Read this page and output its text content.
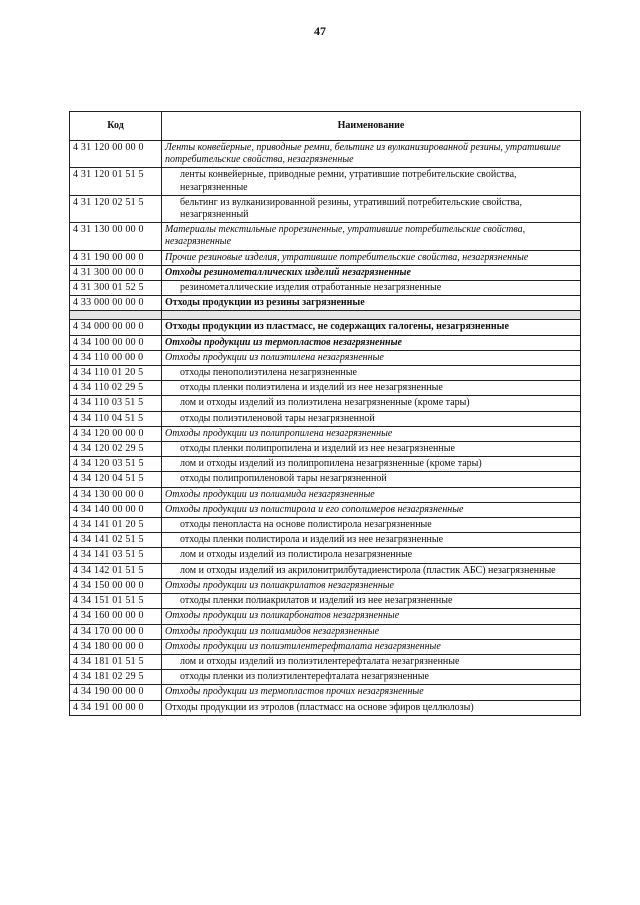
47
Код	Наименование
4 31 120 00 00 0	Ленты конвейерные, приводные ремни, бельтинг из вулканизированной резины, утратившие потребительские свойства, незагрязненные
4 31 120 01 51 5	ленты конвейерные, приводные ремни, утратившие потребительские свойства, незагрязненные
4 31 120 02 51 5	бельтинг из вулканизированной резины, утративший потребительские свойства, незагрязненный
4 31 130 00 00 0	Материалы текстильные прорезиненные, утратившие потребительские свойства, незагрязненные
4 31 190 00 00 0	Прочие резиновые изделия, утратившие потребительские свойства, незагрязненные
4 31 300 00 00 0	Отходы резинометаллических изделий незагрязненные
4 31 300 01 52 5	резинометаллические изделия отработанные незагрязненные
4 33 000 00 00 0	Отходы продукции из резины загрязненные

4 34 000 00 00 0	Отходы продукции из пластмасс, не содержащих галогены, незагрязненные
4 34 100 00 00 0	Отходы продукции из термопластов незагрязненные
4 34 110 00 00 0	Отходы продукции из полиэтилена незагрязненные
4 34 110 01 20 5	отходы пенополиэтилена незагрязненные
4 34 110 02 29 5	отходы пленки полиэтилена и изделий из нее незагрязненные
4 34 110 03 51 5	лом и отходы изделий из полиэтилена незагрязненные (кроме тары)
4 34 110 04 51 5	отходы полиэтиленовой тары незагрязненной
4 34 120 00 00 0	Отходы продукции из полипропилена незагрязненные
4 34 120 02 29 5	отходы пленки полипропилена и изделий из нее незагрязненные
4 34 120 03 51 5	лом и отходы изделий из полипропилена незагрязненные (кроме тары)
4 34 120 04 51 5	отходы полипропиленовой тары незагрязненной
4 34 130 00 00 0	Отходы продукции из полиамида незагрязненные
4 34 140 00 00 0	Отходы продукции из полистирола и его сополимеров незагрязненные
4 34 141 01 20 5	отходы пенопласта на основе полистирола незагрязненные
4 34 141 02 51 5	отходы пленки полистирола и изделий из нее незагрязненные
4 34 141 03 51 5	лом и отходы изделий из полистирола незагрязненные
4 34 142 01 51 5	лом и отходы изделий из акрилонитрилбутадиенстирола (пластик АБС) незагрязненные
4 34 150 00 00 0	Отходы продукции из полиакрилатов незагрязненные
4 34 151 01 51 5	отходы пленки полиакрилатов и изделий из нее незагрязненные
4 34 160 00 00 0	Отходы продукции из поликарбонатов незагрязненные
4 34 170 00 00 0	Отходы продукции из полиамидов незагрязненные
4 34 180 00 00 0	Отходы продукции из полиэтилентерефталата незагрязненные
4 34 181 01 51 5	лом и отходы изделий из полиэтилентерефталата незагрязненные
4 34 181 02 29 5	отходы пленки из полиэтилентерефталата незагрязненные
4 34 190 00 00 0	Отходы продукции из термопластов прочих незагрязненные
4 34 191 00 00 0	Отходы продукции из этролов (пластмасс на основе эфиров целлюлозы)
